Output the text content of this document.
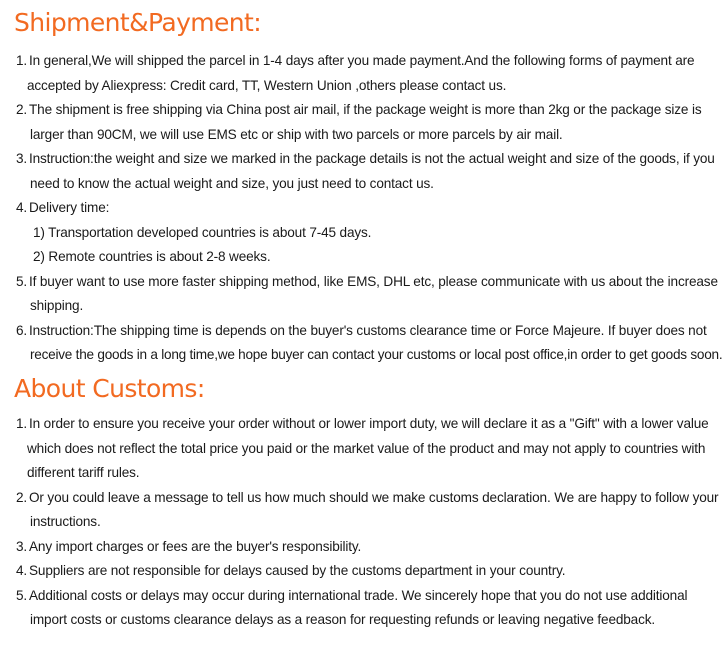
Shipment&Payment:
1. In general,We will shipped the parcel in 1-4 days after you made payment.And the following forms of payment are
accepted by Aliexpress: Credit card, TT, Western Union ,others please contact us.
2. The shipment is free shipping via China post air mail, if the package weight is more than 2kg or the package size is
larger than 90CM, we will use EMS etc or ship with two parcels or more parcels by air mail.
3. Instruction:the weight and size we marked in the package details is not the actual weight and size of the goods, if you
need to know the actual weight and size, you just need to contact us.
4. Delivery time:
1) Transportation developed countries is about 7-45 days.
2) Remote countries is about 2-8 weeks.
5. If buyer want to use more faster shipping method, like EMS, DHL etc, please communicate with us about the increase
shipping.
6. Instruction:The shipping time is depends on the buyer's customs clearance time or Force Majeure. If buyer does not
receive the goods in a long time,we hope buyer can contact your customs or local post office,in order to get goods soon.
About Customs:
1. In order to ensure you receive your order without or lower import duty, we will declare it as a "Gift" with a lower value
which does not reflect the total price you paid or the market value of the product and may not apply to countries with
different tariff rules.
2. Or you could leave a message to tell us how much should we make customs declaration. We are happy to follow your
instructions.
3. Any import charges or fees are the buyer's responsibility.
4. Suppliers are not responsible for delays caused by the customs department in your country.
5. Additional costs or delays may occur during international trade. We sincerely hope that you do not use additional
import costs or customs clearance delays as a reason for requesting refunds or leaving negative feedback.
